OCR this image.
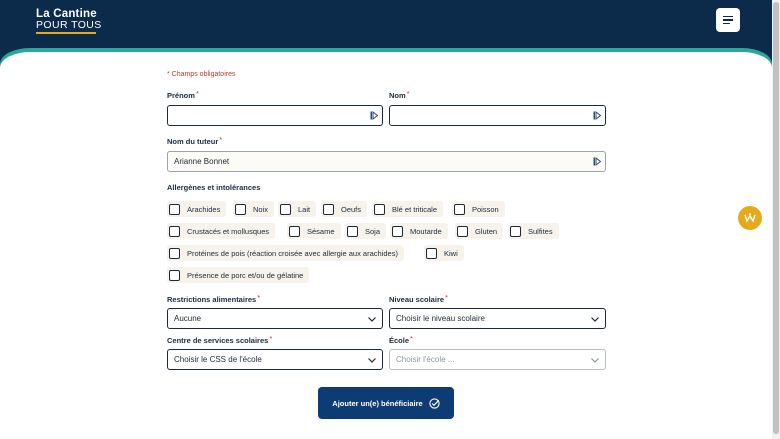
La Cantine
POUR TOUS
* Champs obligatoires
Prénom*	Nom*
Nom du tuteur*
Arianne Bonnet
Allergènes et intolérances
Arachides	Noix	Lait	Oeufs	Blé et triticale	Poisson
Crustacés et mollusques	Sésame	Soja	Moutarde	Gluten	Sulfites
Protéines de pois (réaction croisée avec allergie aux arachides)	Kiwi
Présence de porc et/ou de gélatine
Restrictions alimentaires*
Aucune
Niveau scolaire*
Choisir le niveau scolaire
Centre de services scolaires*
Choisir le CSS de l'école
École*
Choisir l'école ...
Ajouter un(e) bénéficiaire
